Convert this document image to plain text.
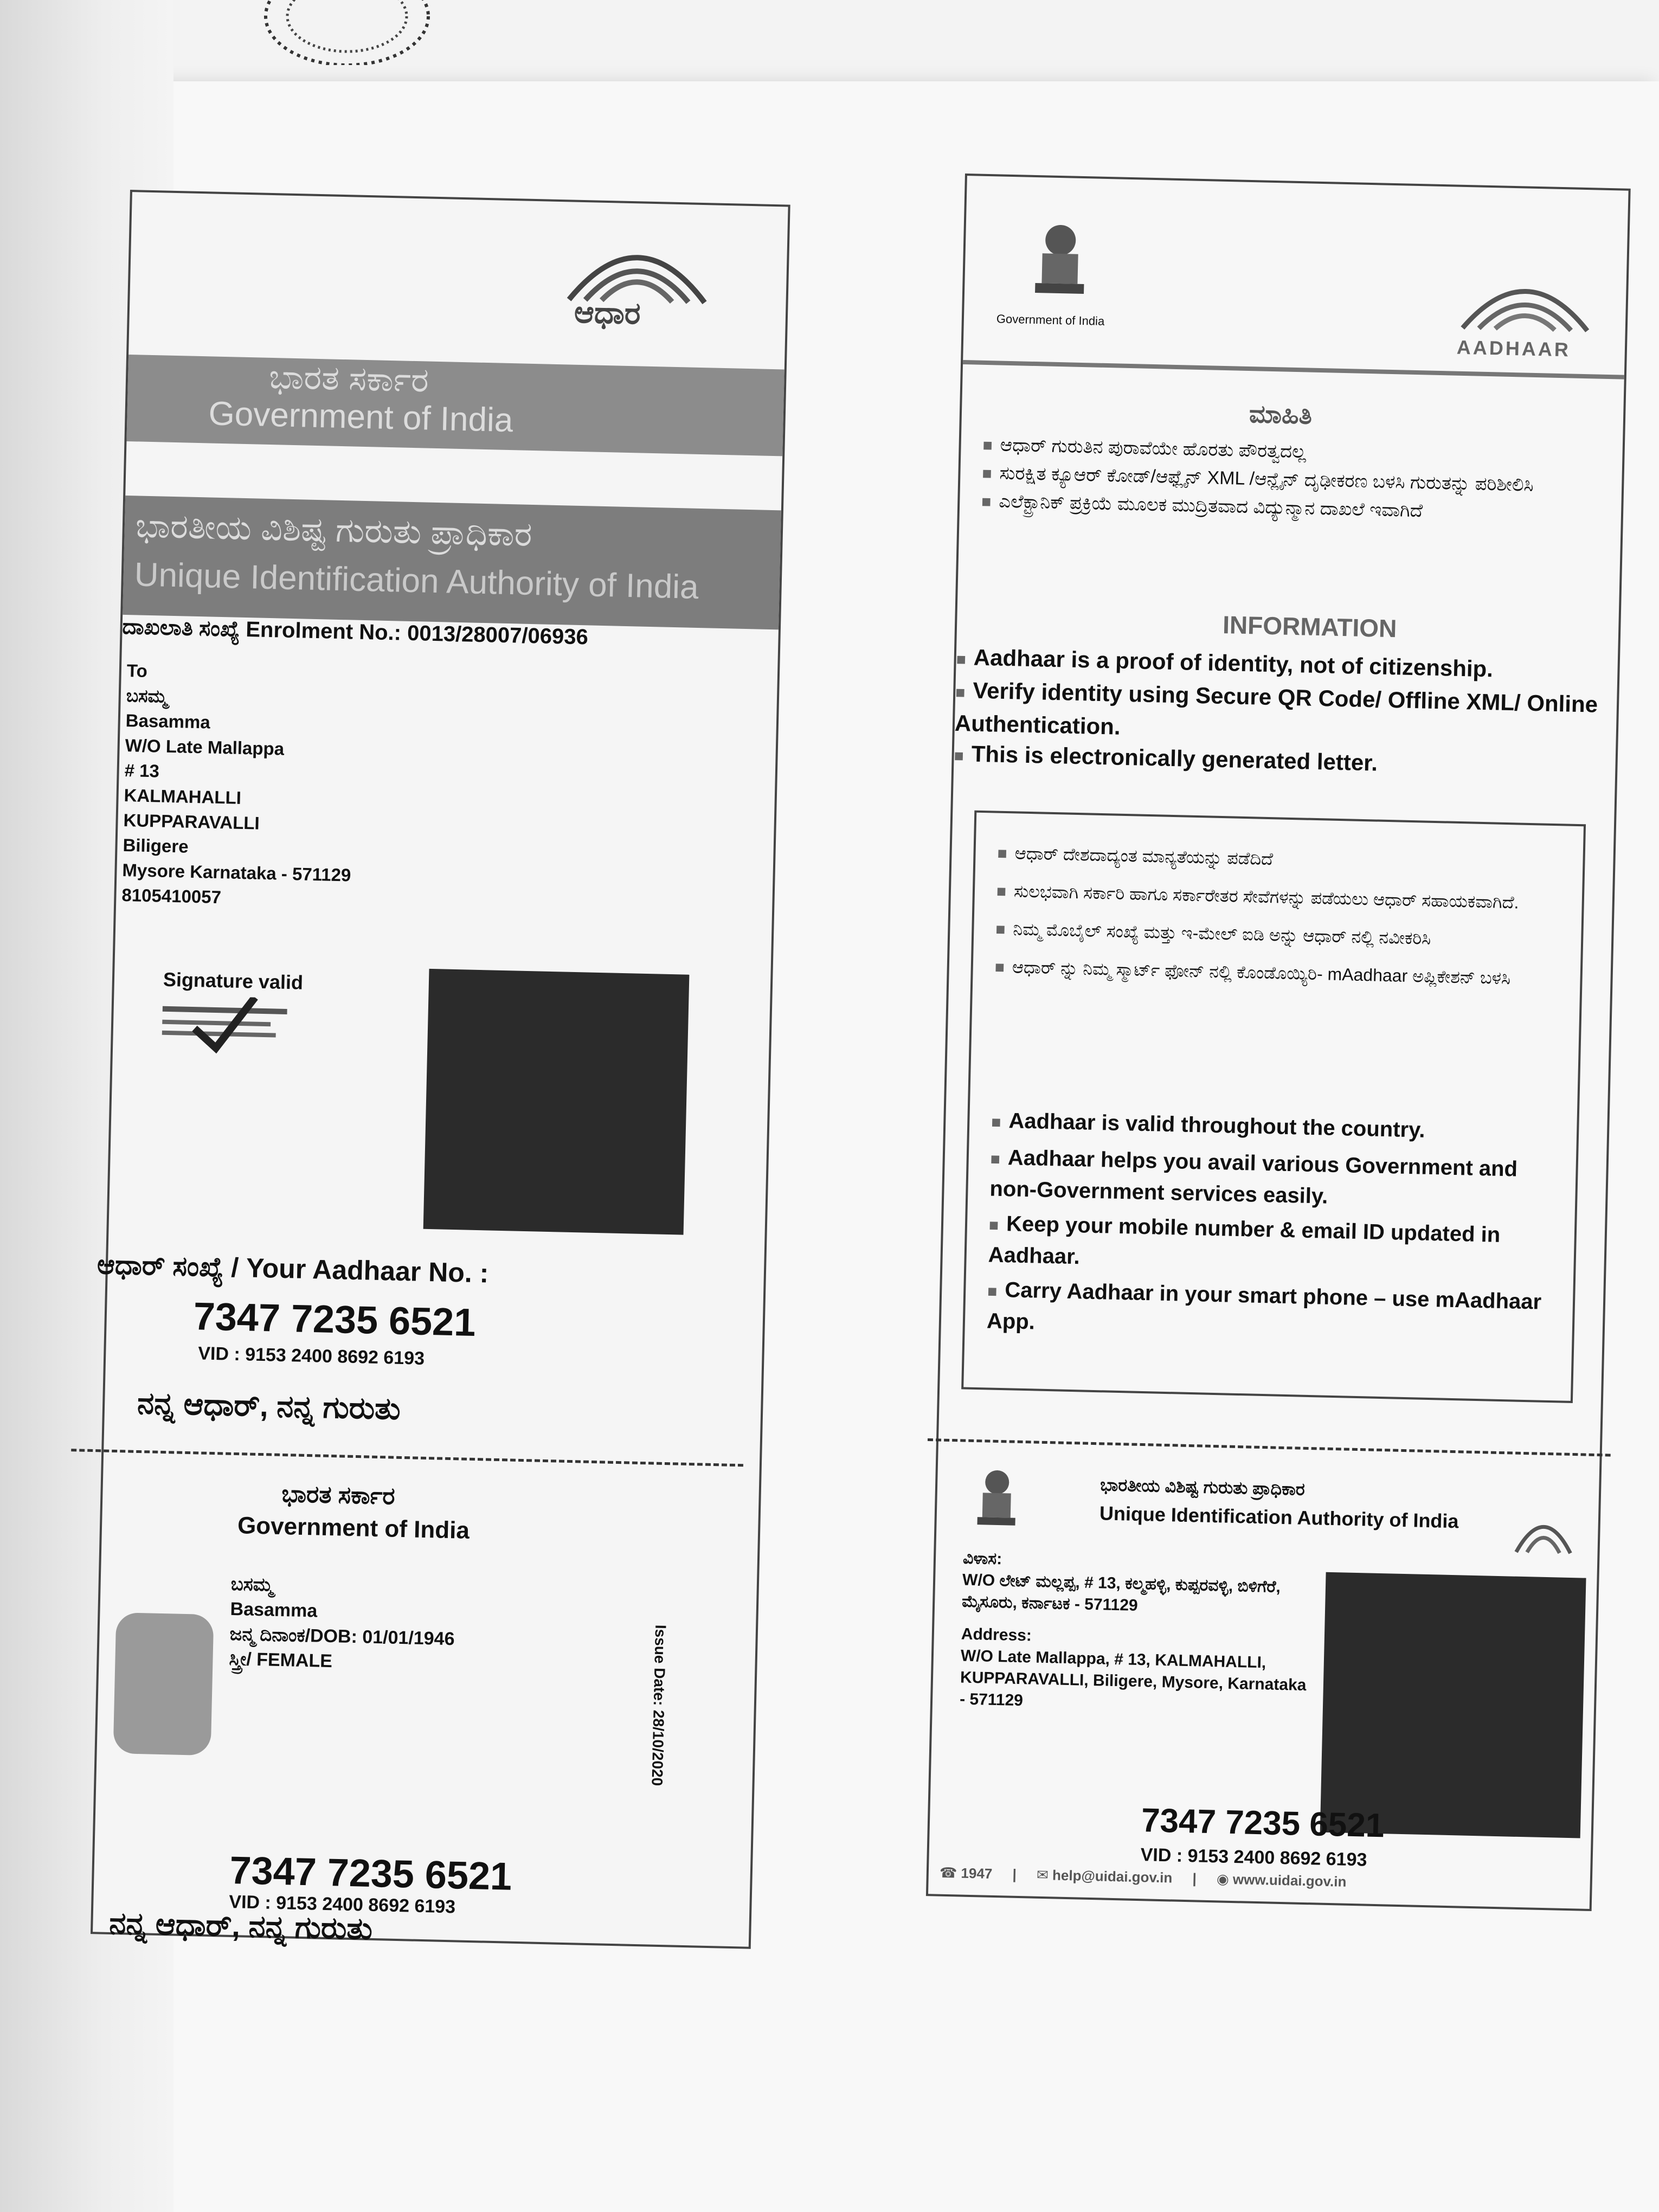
ಆಧಾರ
ಭಾರತ ಸರ್ಕಾರ
Government of India
ಭಾರತೀಯ ವಿಶಿಷ್ಟ ಗುರುತು ಪ್ರಾಧಿಕಾರ
Unique Identification Authority of India
ದಾಖಲಾತಿ ಸಂಖ್ಯೆ Enrolment No.: 0013/28007/06936
To
ಬಸಮ್ಮ
Basamma
W/O Late Mallappa
# 13
KALMAHALLI
KUPPARAVALLI
Biligere
Mysore Karnataka - 571129
8105410057
Signature valid
ಆಧಾರ್ ಸಂಖ್ಯೆ / Your Aadhaar No. :
7347 7235 6521
VID : 9153 2400 8692 6193
ನನ್ನ ಆಧಾರ್, ನನ್ನ ಗುರುತು
ಭಾರತ ಸರ್ಕಾರ
Government of India
ಬಸಮ್ಮ
Basamma
ಜನ್ಮ ದಿನಾಂಕ/DOB: 01/01/1946
ಸ್ತ್ರೀ/ FEMALE	Issue Date: 28/10/2020
7347 7235 6521
VID : 9153 2400 8692 6193
ನನ್ನ ಆಧಾರ್, ನನ್ನ ಗುರುತು
Government of India
AADHAAR
ಮಾಹಿತಿ
■ ಆಧಾರ್ ಗುರುತಿನ ಪುರಾವೆಯೇ ಹೊರತು ಪೌರತ್ವದಲ್ಲ
■ ಸುರಕ್ಷಿತ ಕ್ಯೂಆರ್ ಕೋಡ್/ಆಫ್ಲೈನ್ XML /ಆನ್ಲೈನ್ ದೃಢೀಕರಣ ಬಳಸಿ ಗುರುತನ್ನು ಪರಿಶೀಲಿಸಿ
■ ಎಲೆಕ್ಟ್ರಾನಿಕ್ ಪ್ರಕ್ರಿಯೆ ಮೂಲಕ ಮುದ್ರಿತವಾದ ವಿದ್ಯುನ್ಮಾನ ದಾಖಲೆ ಇವಾಗಿದೆ
INFORMATION
■ Aadhaar is a proof of identity, not of citizenship.
■ Verify identity using Secure QR Code/ Offline XML/ Online Authentication.
■ This is electronically generated letter.
■ ಆಧಾರ್ ದೇಶದಾದ್ಯಂತ ಮಾನ್ಯತೆಯನ್ನು ಪಡೆದಿದೆ
■ ಸುಲಭವಾಗಿ ಸರ್ಕಾರಿ ಹಾಗೂ ಸರ್ಕಾರೇತರ ಸೇವೆಗಳನ್ನು ಪಡೆಯಲು ಆಧಾರ್ ಸಹಾಯಕವಾಗಿದೆ.
■ ನಿಮ್ಮ ಮೊಬೈಲ್ ಸಂಖ್ಯೆ ಮತ್ತು ಇ-ಮೇಲ್ ಐಡಿ ಅನ್ನು ಆಧಾರ್ ನಲ್ಲಿ ನವೀಕರಿಸಿ
■ ಆಧಾರ್ ನ್ನು ನಿಮ್ಮ ಸ್ಮಾರ್ಟ್ ಫೋನ್ ನಲ್ಲಿ ಕೊಂಡೊಯ್ಯಿರಿ- mAadhaar ಅಪ್ಲಿಕೇಶನ್ ಬಳಸಿ
■ Aadhaar is valid throughout the country.
■ Aadhaar helps you avail various Government and non-Government services easily.
■ Keep your mobile number & email ID updated in Aadhaar.
■ Carry Aadhaar in your smart phone – use mAadhaar App.
ಭಾರತೀಯ ವಿಶಿಷ್ಟ ಗುರುತು ಪ್ರಾಧಿಕಾರ
Unique Identification Authority of India
ವಿಳಾಸ:
W/O ಲೇಟ್ ಮಲ್ಲಪ್ಪ, # 13, ಕಲ್ಮಹಳ್ಳಿ, ಕುಪ್ಪರವಳ್ಳಿ, ಬಿಳಿಗೆರೆ, ಮೈಸೂರು, ಕರ್ನಾಟಕ - 571129
Address:
W/O Late Mallappa, # 13, KALMAHALLI, KUPPARAVALLI, Biligere, Mysore, Karnataka - 571129
7347 7235 6521
VID : 9153 2400 8692 6193
☎ 1947 | ✉ help@uidai.gov.in | ◉ www.uidai.gov.in
